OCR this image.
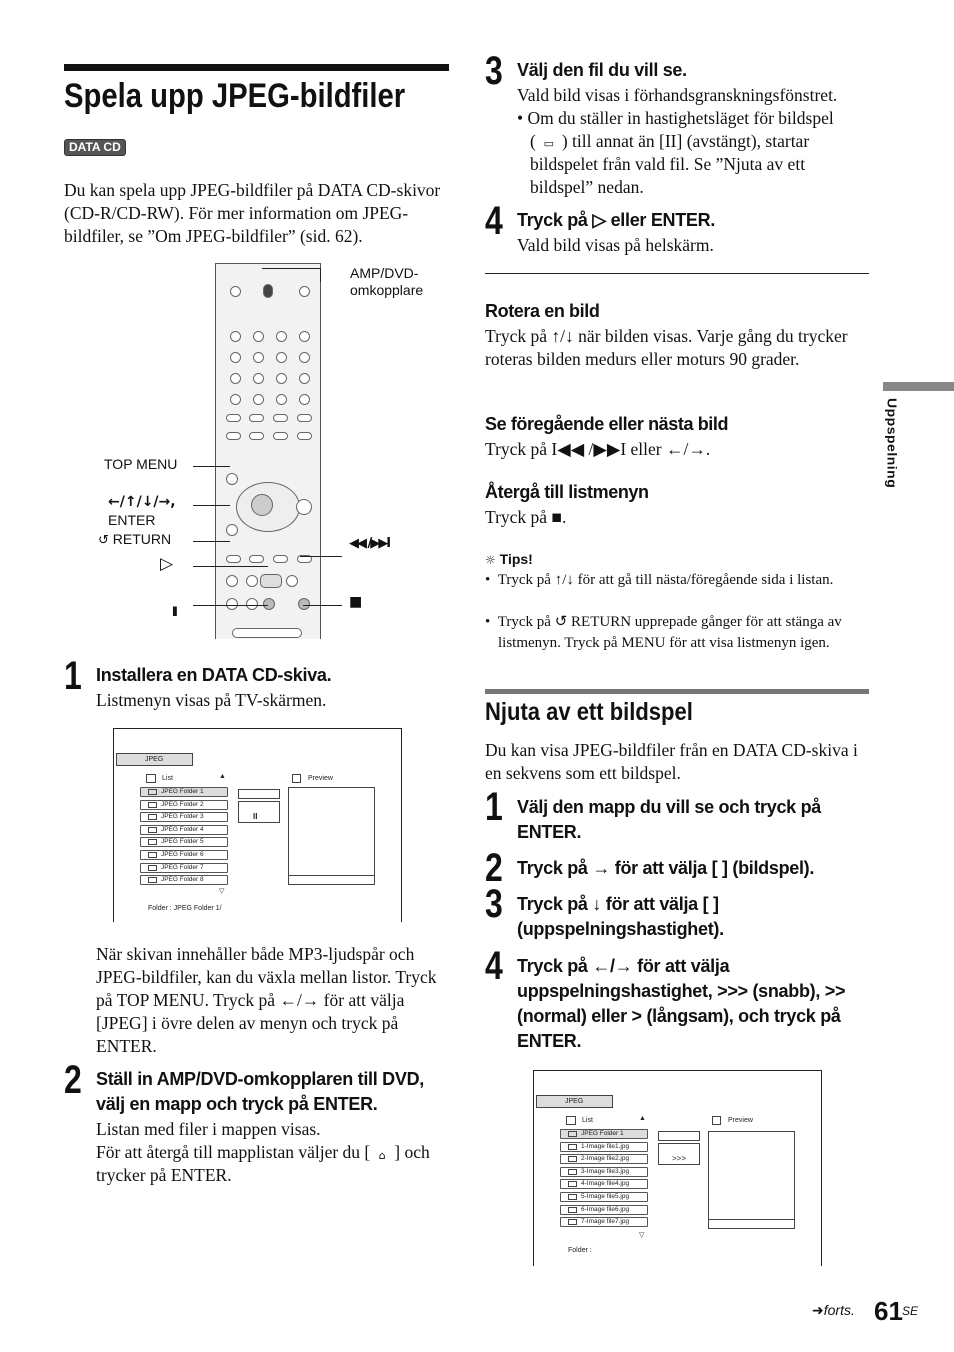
Spela upp JPEG-bildfiler
DATA CD
Du kan spela upp JPEG-bildfiler på DATA CD-skivor (CD-R/CD-RW). För mer information om JPEG-bildfiler, se ”Om JPEG-bildfiler” (sid. 62).
AMP/DVD-omkopplare
TOP MENU
←/↑/↓/→,
ENTER
↺ RETURN
▷
II
◀◀ /▶▶I
■
1 Installera en DATA CD-skiva.
Listmenyn visas på TV-skärmen.
JPEG
List	▲	Preview
II
▽
Folder : JPEG Folder 1/
JPEG Folder 1
JPEG Folder 2
JPEG Folder 3
JPEG Folder 4
JPEG Folder 5
JPEG Folder 6
JPEG Folder 7
JPEG Folder 8
När skivan innehåller både MP3-ljudspår och JPEG-bildfiler, kan du växla mellan listor. Tryck på TOP MENU. Tryck på ←/→ för att välja [JPEG] i övre delen av menyn och tryck på ENTER.
2 Ställ in AMP/DVD-omkopplaren till DVD, välj en mapp och tryck på ENTER.
Listan med filer i mappen visas.
För att återgå till mapplistan väljer du [ ⌂ ] och trycker på ENTER.
3 Välj den fil du vill se.
Vald bild visas i förhandsgranskningsfönstret.
• Om du ställer in hastighetsläget för bildspel
( ▭ ) till annat än [II] (avstängt), startar
bildspelet från vald fil. Se ”Njuta av ett
bildspel” nedan.
4 Tryck på ▷ eller ENTER.
Vald bild visas på helskärm.
Rotera en bild
Tryck på ↑/↓ när bilden visas. Varje gång du trycker roteras bilden medurs eller moturs 90 grader.
Se föregående eller nästa bild
Tryck på I◀◀ /▶▶I eller ←/→.
Återgå till listmenyn
Tryck på ■.
☼ Tips!
•  Tryck på ↑/↓ för att gå till nästa/föregående sida i listan.
•  Tryck på ↺ RETURN upprepade gånger för att stänga av listmenyn. Tryck på MENU för att visa listmenyn igen.
Njuta av ett bildspel
Du kan visa JPEG-bildfiler från en DATA CD-skiva i en sekvens som ett bildspel.
1 Välj den mapp du vill se och tryck på ENTER.
2 Tryck på → för att välja [ ] (bildspel).
3 Tryck på ↓ för att välja [ ] (uppspelningshastighet).
4 Tryck på ←/→ för att välja uppspelningshastighet, >>> (snabb), >> (normal) eller > (långsam), och tryck på ENTER.
JPEG
List	▲	Preview
>>>
▽
Folder :
JPEG Folder 1
1-Image file1.jpg
2-Image file2.jpg
3-Image file3.jpg
4-Image file4.jpg
5-Image file5.jpg
6-Image file6.jpg
7-Image file7.jpg
Uppspelning
➜forts. 61 SE
